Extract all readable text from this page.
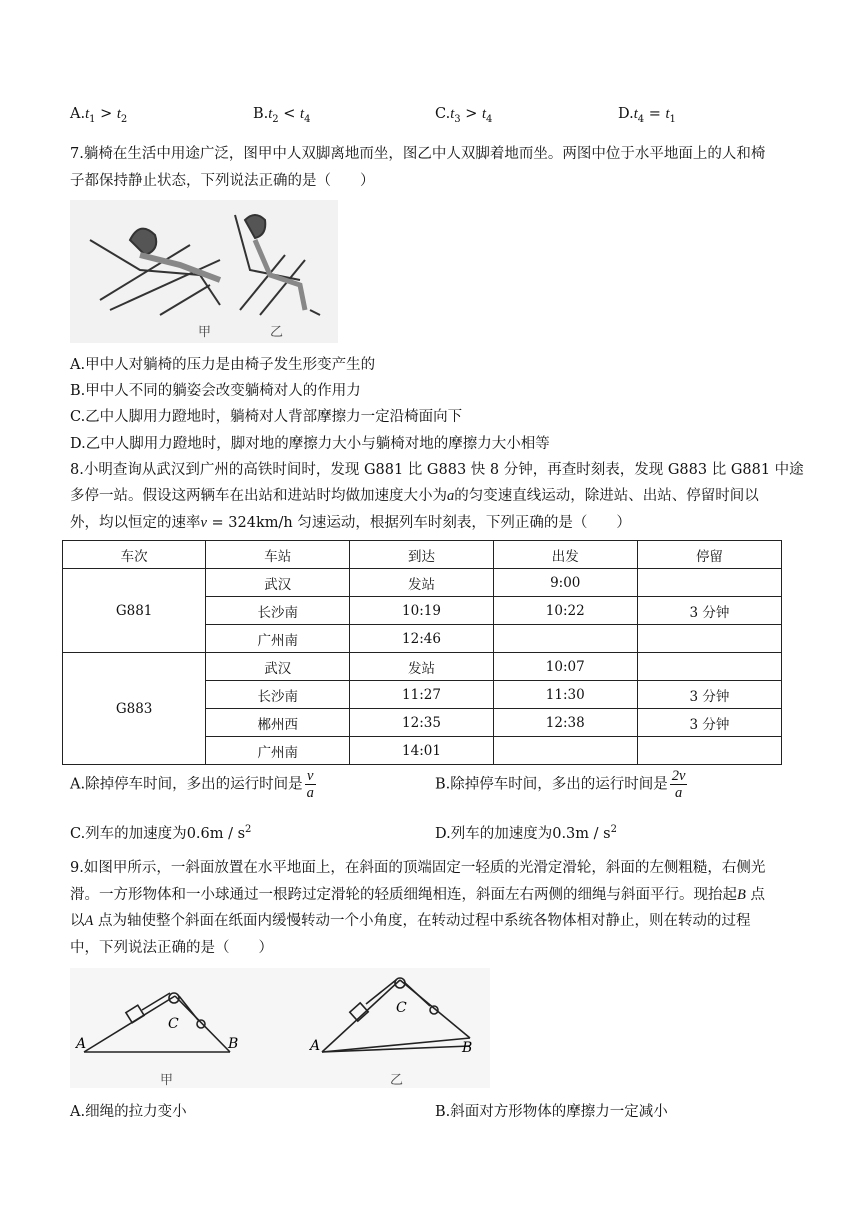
$A.t_1 > t_2$	$B.t_2 < t_4$	$C.t_3 > t_4$	$D.t_4 = t_1$
7.躺椅在生活中用途广泛，图甲中人双脚离地而坐，图乙中人双脚着地而坐。两图中位于水平地面上的人和椅
子都保持静止状态，下列说法正确的是（　　）
甲	乙
A.甲中人对躺椅的压力是由椅子发生形变产生的
B.甲中人不同的躺姿会改变躺椅对人的作用力
C.乙中人脚用力蹬地时，躺椅对人背部摩擦力一定沿椅面向下
D.乙中人脚用力蹬地时，脚对地的摩擦力大小与躺椅对地的摩擦力大小相等
8.小明查询从武汉到广州的高铁时间时，发现 G881 比 G883 快 8 分钟，再查时刻表，发现 G883 比 G881 中途
多停一站。假设这两辆车在出站和进站时均做加速度大小为a的匀变速直线运动，除进站、出站、停留时间以
外，均以恒定的速率v = 324km/h 匀速运动，根据列车时刻表，下列正确的是（　　）
车次	车站	到达	出发	停留
G881	武汉	发站	9:00	
	长沙南	10:19	10:22	3 分钟
	广州南	12:46		
G883	武汉	发站	10:07	
	长沙南	11:27	11:30	3 分钟
	郴州西	12:35	12:38	3 分钟
	广州南	14:01		
A.除掉停车时间，多出的运行时间是 $\frac{v}{a}$	B.除掉停车时间，多出的运行时间是 $\frac{2v}{a}$
C.列车的加速度为$0.6m / s^2$	D.列车的加速度为$0.3m / s^2$
9.如图甲所示，一斜面放置在水平地面上，在斜面的顶端固定一轻质的光滑定滑轮，斜面的左侧粗糙，右侧光
滑。一方形物体和一小球通过一根跨过定滑轮的轻质细绳相连，斜面左右两侧的细绳与斜面平行。现抬起B 点
以A 点为轴使整个斜面在纸面内缓慢转动一个小角度，在转动过程中系统各物体相对静止，则在转动的过程
中，下列说法正确的是（　　）
A	B
C
甲
A	B
C
乙
A.细绳的拉力变小	B.斜面对方形物体的摩擦力一定减小
